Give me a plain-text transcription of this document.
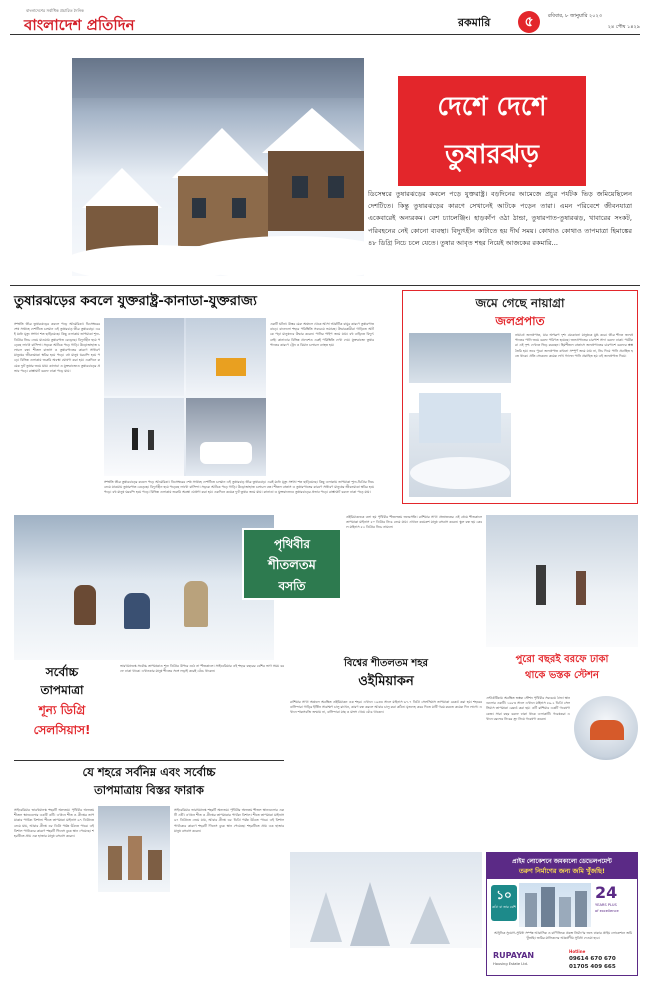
বাংলাদেশের সর্বাধিক প্রচারিত দৈনিক
বাংলাদেশ প্রতিদিন	রকমারি	৫	রবিবার, ৮ জানুয়ারি ২০২৩
২৪ পৌষ ১৪২৯
দেশে দেশে
তুষারঝড়
ডিসেম্বরে তুষারঝড়ের কবলে পড়ে যুক্তরাষ্ট্র। বড়দিনের আমেজে প্রচুর পর্যটক ভিড় জমিয়েছিলেন দেশটিতে। কিন্তু তুষারঝড়ের কারণে সেখানেই আটকে পড়েন তারা। এমন পরিবেশে জীবনযাত্রা একেবারেই অন্যরকম। বেশ চ্যালেঞ্জিং। হাড়কাঁপ ওঠা ঠান্ডা, তুষারপাত-তুষারঝড়, খাবারের সংকট, পরিবহনের নেই কোনো ব্যবস্থা। বিদ্যুৎহীন কাটাতে হয় দীর্ঘ সময়। কোথাও কোথাও তাপমাত্রা হিমাঙ্কের ৪৮ ডিগ্রি নিচে চলে যেতে। তুষার আবৃত শহর নিয়েই আজকের রকমারি...
তুষারঝড়ের কবলে যুক্তরাষ্ট্র-কানাডা-যুক্তরাজ্য
সম্প্রতি তীব্র তুষারঝড়ের কবলে পড়ে আমেরিকা। ডিসেম্বরের শেষ সপ্তাহে দেশটিতে চলমান এই তুষারঝড় তীব্র তুষারঝড়। এরই মধ্যে মৃত্যু সংখ্যা শত ছাড়িয়েছে। কিছু এলাকায় তাপমাত্রা শূন্য-ডিগ্রির নিচে নেমে যাওয়ায় তুষারপাত বেড়েছে। বিদ্যুৎহীন হয়ে পড়েছে লাখো বাসিন্দা। সড়কে আটকে পড়ে গাড়ি। উড়োজাহাজ চলাচল বন্ধ। শীতল বাতাস ও তুষারপাতের কারণে সাধারণ মানুষের জীবনযাত্রা স্থবির হয়ে পড়ে। বহু মানুষ ঘরবন্দি হয়ে পড়ে। বিভিন্ন এলাকায় জরুরি অবস্থা ঘোষণা করা হয়। একদিনে কয়েক ফুট তুষার জমে যায়। কানাডা ও যুক্তরাজ্যেও তুষারঝড়ের প্রভাব পড়ে। রাস্তাঘাট বরফে ঢাকা পড়ে যায়।
একটি ঘটনা। উত্তর মেরু অঞ্চলে থেকে আসা আর্কটিক বায়ুর কারণে তুষারপাত বাড়ে। বাফেলো শহরে পরিস্থিতি সবচেয়ে ভয়াবহ। উদ্ধারকারীরা গাড়িতে আটকে পড়া মানুষদের উদ্ধার করেন। পানির পাইপ জমে যায়। বহু বাড়িতে বিদ্যুৎ নেই। কানাডার বিভিন্ন প্রদেশেও একই পরিস্থিতি দেখা দেয়। যুক্তরাজ্যে তুষারপাতের কারণে ট্রেন ও বিমান চলাচল ব্যাহত হয়।
সম্প্রতি তীব্র তুষারঝড়ের কবলে পড়ে আমেরিকা। ডিসেম্বরের শেষ সপ্তাহে দেশটিতে চলমান এই তুষারঝড় তীব্র তুষারঝড়। এরই মধ্যে মৃত্যু সংখ্যা শত ছাড়িয়েছে। কিছু এলাকায় তাপমাত্রা শূন্য-ডিগ্রির নিচে নেমে যাওয়ায় তুষারপাত বেড়েছে। বিদ্যুৎহীন হয়ে পড়েছে লাখো বাসিন্দা। সড়কে আটকে পড়ে গাড়ি। উড়োজাহাজ চলাচল বন্ধ। শীতল বাতাস ও তুষারপাতের কারণে সাধারণ মানুষের জীবনযাত্রা স্থবির হয়ে পড়ে। বহু মানুষ ঘরবন্দি হয়ে পড়ে। বিভিন্ন এলাকায় জরুরি অবস্থা ঘোষণা করা হয়। একদিনে কয়েক ফুট তুষার জমে যায়। কানাডা ও যুক্তরাজ্যেও তুষারঝড়ের প্রভাব পড়ে। রাস্তাঘাট বরফে ঢাকা পড়ে যায়।
জমে গেছে নায়াগ্রা
জলপ্রপাত
নায়াগ্রা জলপ্রপাত, যার অপরূপ দৃশ্য যেকোনো মানুষকে মুগ্ধ করে। তীব্র শীতে জলপ্রপাতের পানি জমে বরফে পরিণত হয়েছে। জলপ্রপাতের চারপাশ সাদা বরফে ঢাকা। পর্যটকরা এই দৃশ্য দেখতে ভিড় করছেন। হিমশীতল বাতাসে জলপ্রপাতের চারপাশে বরফের স্তম্ভ তৈরি হয়। তবে পুরো জলপ্রপাত কখনো সম্পূর্ণ জমে যায় না, নিচ দিয়ে পানি প্রবাহিত হতে থাকে। প্রতি সেকেন্ডে কয়েক লাখ গ্যালন পানি প্রবাহিত হয় এই জলপ্রপাত দিয়ে।
পৃথিবীর
শীতলতম
বসতি
ওইমিয়াকনকে বলা হয় পৃথিবীর শীতলতম জনবসতি। রাশিয়ার সাখা প্রজাতন্ত্রের এই গ্রামে শীতকালে তাপমাত্রা মাইনাস ৫০ ডিগ্রির নিচে নেমে যায়। এখানে কয়েকশ মানুষ বসবাস করেন। স্কুল বন্ধ হয় কেবল মাইনাস ৫২ ডিগ্রির নিচে নামলে।
সর্বোচ্চ
তাপমাত্রা
শূন্য ডিগ্রি
সেলসিয়াস!
ভারখয়ানস্কে সর্বোচ্চ তাপমাত্রাও শূন্য ডিগ্রির উপরে ওঠে না শীতকালে। সাইবেরিয়ার এই শহরে বছরের বেশির ভাগ সময় বরফে ঢাকা থাকে। এখানকার মানুষ শীতের সঙ্গে লড়াই করেই বেঁচে থাকেন।
বিশ্বের শীতলতম শহর
ওইমিয়াকন
রাশিয়ার সাখা অঞ্চলে অবস্থিত ওইমিয়াকন এক শহর। এখানে ১৯৩৩ সালে মাইনাস ৬৭.৭ ডিগ্রি সেলসিয়াস তাপমাত্রা রেকর্ড করা হয়। শহরের বাসিন্দারা গাড়ির ইঞ্জিন সারাক্ষণ চালু রাখেন, কারণ বন্ধ করলে আবার চালু করা কঠিন। মৃতদেহ কবর দিতে মাটি গরম করতে কয়েক দিন লাগে। এখানে শাকসবজি জন্মায় না, বাসিন্দারা মাছ ও মাংস খেয়ে বেঁচে থাকেন।
পুরো বছরই বরফে ঢাকা
থাকে ভস্তক স্টেশন
এন্টার্কটিকায় অবস্থিত ভস্তক স্টেশন পৃথিবীর সবচেয়ে ঠান্ডা স্থানগুলোর একটি। ১৯৮৩ সালে এখানে মাইনাস ৮৯.২ ডিগ্রি সেলসিয়াস তাপমাত্রা রেকর্ড করা হয়। এটি রাশিয়ার একটি গবেষণা কেন্দ্র। সারা বছর বরফে ঢাকা থাকে এলাকাটি। গবেষকরা এখানে বরফের নিচের হ্রদ নিয়ে গবেষণা করেন।
যে শহরে সর্বনিম্ন এবং সর্বোচ্চ
তাপমাত্রায় বিস্তর ফারাক
সাইবেরিয়ার ভারখয়ানস্ক শহরটি অন্যতম। পৃথিবীর অন্যতম শীতল স্থানগুলোর একটি এটি। এখানে শীত ও গ্রীষ্মের তাপমাত্রার পার্থক্য বিশাল। শীতে তাপমাত্রা মাইনাস ৬৭ ডিগ্রিতে নেমে যায়, আবার গ্রীষ্মে ৩৮ ডিগ্রি পর্যন্ত উঠতে পারে। এই বিশাল পার্থক্যের কারণে শহরটি গিনেস বুকে স্থান পেয়েছে। শহরটিতে প্রায় এক হাজার মানুষ বসবাস করেন।
সাইবেরিয়ার ভারখয়ানস্ক শহরটি অন্যতম। পৃথিবীর অন্যতম শীতল স্থানগুলোর একটি এটি। এখানে শীত ও গ্রীষ্মের তাপমাত্রার পার্থক্য বিশাল। শীতে তাপমাত্রা মাইনাস ৬৭ ডিগ্রিতে নেমে যায়, আবার গ্রীষ্মে ৩৮ ডিগ্রি পর্যন্ত উঠতে পারে। এই বিশাল পার্থক্যের কারণে শহরটি গিনেস বুকে স্থান পেয়েছে। শহরটিতে প্রায় এক হাজার মানুষ বসবাস করেন।
প্রাইম লোকেশনে জমকালো ডেভেলপমেন্ট
তরুণ নির্মাণের জন্য জমি খুঁজছি!
১০
কাঠা বা তার বেশি
24
YEARS PLUS
of excellence
আধুনিক সুযোগ-সুবিধা সম্পন্ন আবাসিক ও বাণিজ্যিক প্রকল্প নির্মাণের জন্য ঢাকার প্রাইম লোকেশনে জমি খুঁজছি। জমির মালিকদের আকর্ষণীয় সুবিধা দেওয়া হবে।
RUPAYAN
Housing Estate Ltd.
Hotline
09614 670 670
01705 409 665
